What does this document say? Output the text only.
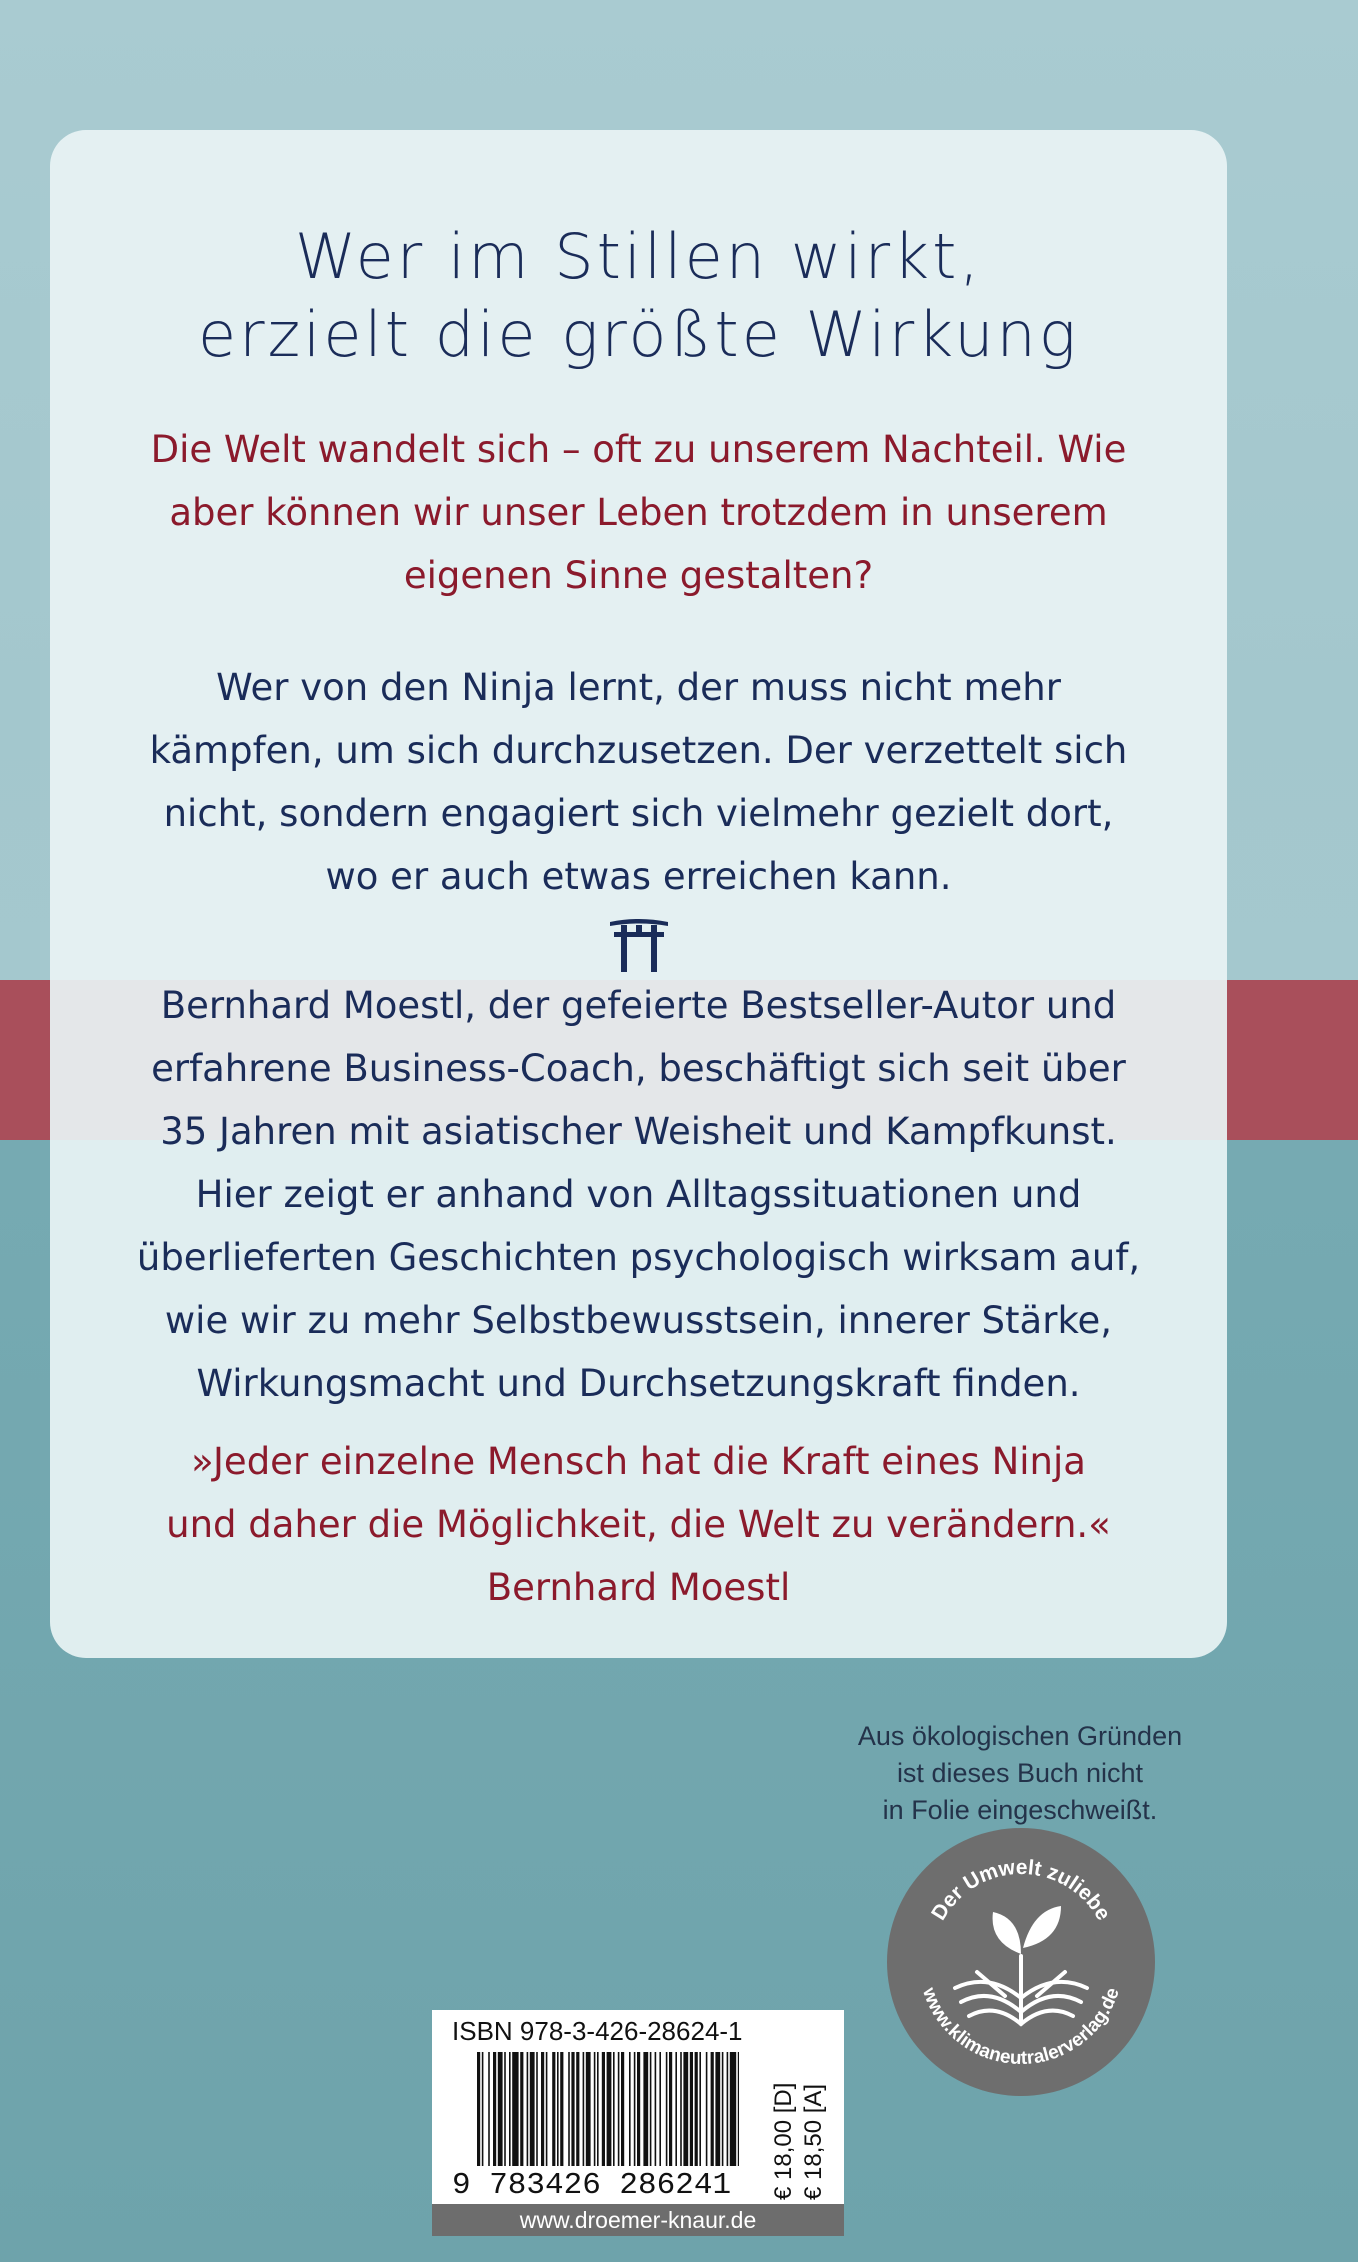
Wer im Stillen wirkt,
erzielt die größte Wirkung
Die Welt wandelt sich – oft zu unserem Nachteil. Wie
aber können wir unser Leben trotzdem in unserem
eigenen Sinne gestalten?
Wer von den Ninja lernt, der muss nicht mehr
kämpfen, um sich durchzusetzen. Der verzettelt sich
nicht, sondern engagiert sich vielmehr gezielt dort,
wo er auch etwas erreichen kann.
Bernhard Moestl, der gefeierte Bestseller-Autor und
erfahrene Business-Coach, beschäftigt sich seit über
35 Jahren mit asiatischer Weisheit und Kampfkunst.
Hier zeigt er anhand von Alltagssituationen und
überlieferten Geschichten psychologisch wirksam auf,
wie wir zu mehr Selbstbewusstsein, innerer Stärke,
Wirkungsmacht und Durchsetzungskraft finden.
»Jeder einzelne Mensch hat die Kraft eines Ninja
und daher die Möglichkeit, die Welt zu verändern.«
Bernhard Moestl
Aus ökologischen Gründen
ist dieses Buch nicht
in Folie eingeschweißt.
Der Umwelt zuliebe
www.klimaneutralerverlag.de
ISBN 978-3-426-28624-1
9 783426 286241 € 18,00 [D] € 18,50 [A]
www.droemer-knaur.de
